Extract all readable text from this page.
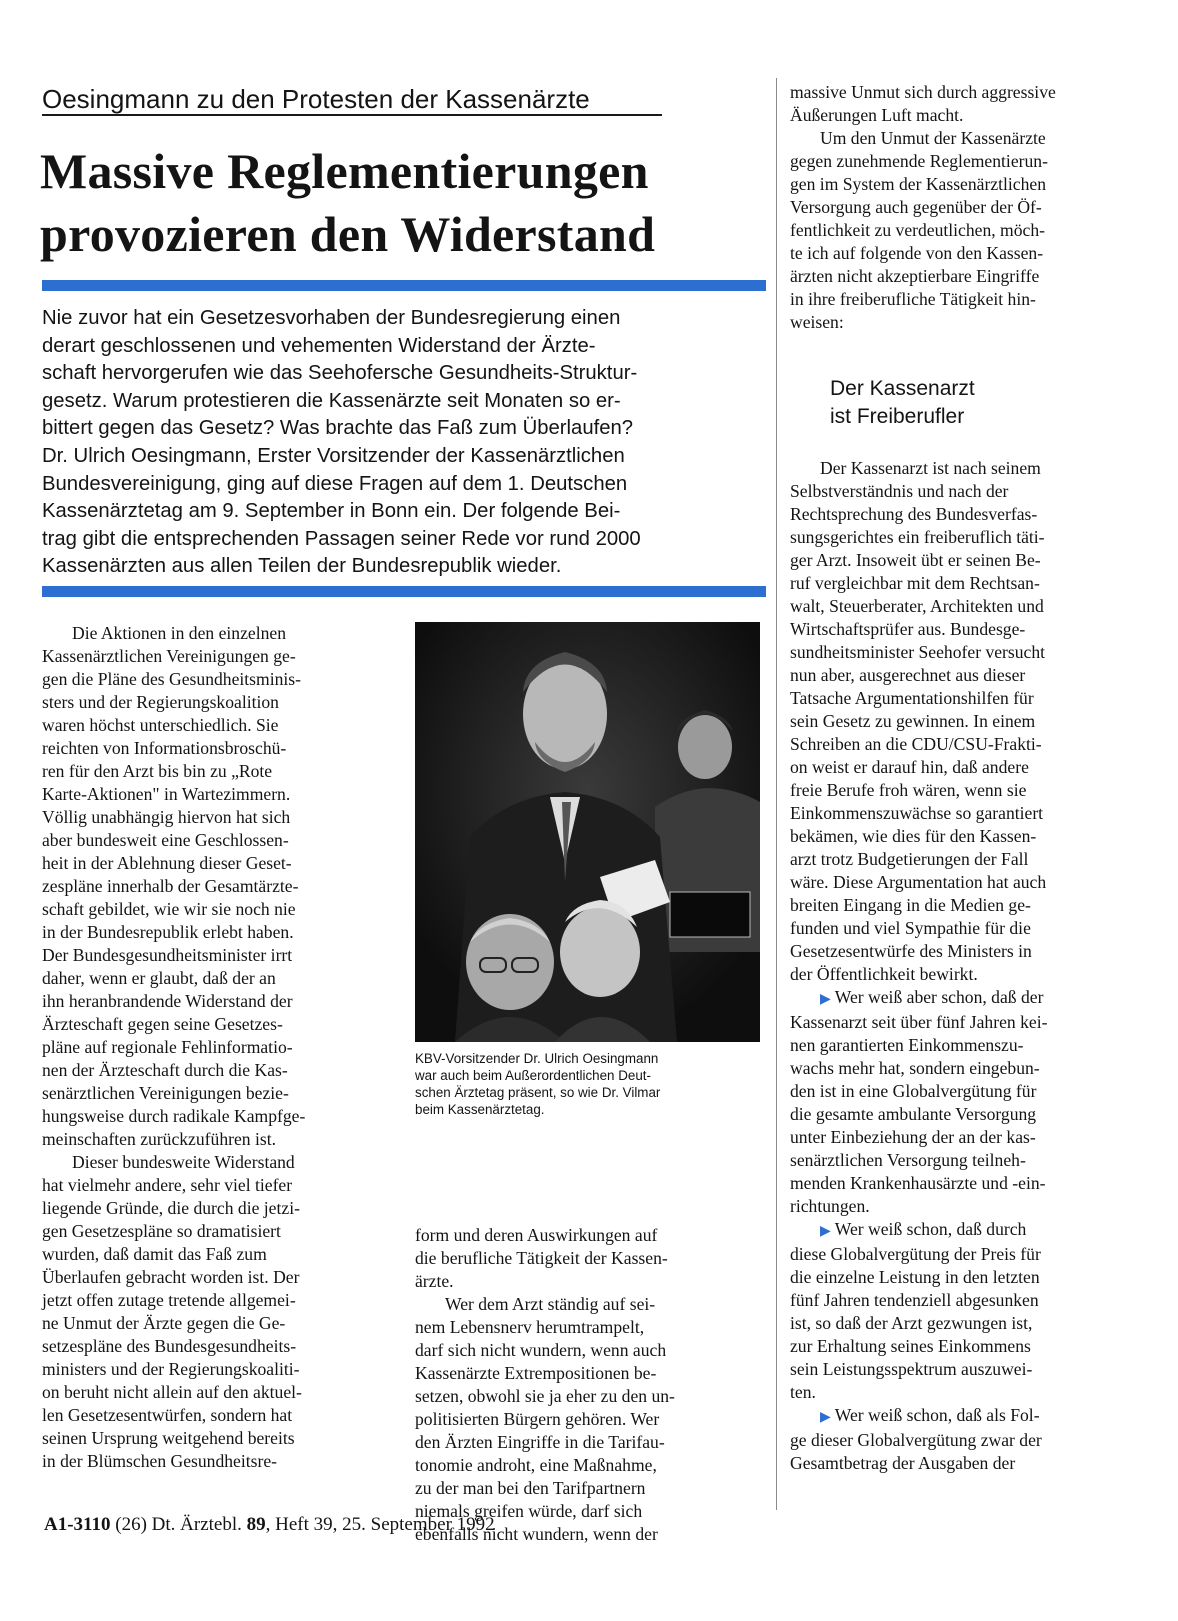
Oesingmann zu den Protesten der Kassenärzte
Massive Reglementierungen
provozieren den Widerstand
Nie zuvor hat ein Gesetzesvorhaben der Bundesregierung einen
derart geschlossenen und vehementen Widerstand der Ärzte-
schaft hervorgerufen wie das Seehofersche Gesundheits-Struktur-
gesetz. Warum protestieren die Kassenärzte seit Monaten so er-
bittert gegen das Gesetz? Was brachte das Faß zum Überlaufen?
Dr. Ulrich Oesingmann, Erster Vorsitzender der Kassenärztlichen
Bundesvereinigung, ging auf diese Fragen auf dem 1. Deutschen
Kassenärztetag am 9. September in Bonn ein. Der folgende Bei-
trag gibt die entsprechenden Passagen seiner Rede vor rund 2000
Kassenärzten aus allen Teilen der Bundesrepublik wieder.
Die Aktionen in den einzelnen
Kassenärztlichen Vereinigungen ge-
gen die Pläne des Gesundheitsminis-
sters und der Regierungskoalition
waren höchst unterschiedlich. Sie
reichten von Informationsbroschü-
ren für den Arzt bis bin zu „Rote
Karte-Aktionen" in Wartezimmern.
Völlig unabhängig hiervon hat sich
aber bundesweit eine Geschlossen-
heit in der Ablehnung dieser Geset-
zespläne innerhalb der Gesamtärzte-
schaft gebildet, wie wir sie noch nie
in der Bundesrepublik erlebt haben.
Der Bundesgesundheitsminister irrt
daher, wenn er glaubt, daß der an
ihn heranbrandende Widerstand der
Ärzteschaft gegen seine Gesetzes-
pläne auf regionale Fehlinformatio-
nen der Ärzteschaft durch die Kas-
senärztlichen Vereinigungen bezie-
hungsweise durch radikale Kampfge-
meinschaften zurückzuführen ist.
Dieser bundesweite Widerstand
hat vielmehr andere, sehr viel tiefer
liegende Gründe, die durch die jetzi-
gen Gesetzespläne so dramatisiert
wurden, daß damit das Faß zum
Überlaufen gebracht worden ist. Der
jetzt offen zutage tretende allgemei-
ne Unmut der Ärzte gegen die Ge-
setzespläne des Bundesgesundheits-
ministers und der Regierungskoaliti-
on beruht nicht allein auf den aktuel-
len Gesetzesentwürfen, sondern hat
seinen Ursprung weitgehend bereits
in der Blümschen Gesundheitsre-
KBV-Vorsitzender Dr. Ulrich Oesingmann
war auch beim Außerordentlichen Deut-
schen Ärztetag präsent, so wie Dr. Vilmar
beim Kassenärztetag.
form und deren Auswirkungen auf
die berufliche Tätigkeit der Kassen-
ärzte.
Wer dem Arzt ständig auf sei-
nem Lebensnerv herumtrampelt,
darf sich nicht wundern, wenn auch
Kassenärzte Extrempositionen be-
setzen, obwohl sie ja eher zu den un-
politisierten Bürgern gehören. Wer
den Ärzten Eingriffe in die Tarifau-
tonomie androht, eine Maßnahme,
zu der man bei den Tarifpartnern
niemals greifen würde, darf sich
ebenfalls nicht wundern, wenn der
massive Unmut sich durch aggressive
Äußerungen Luft macht.
Um den Unmut der Kassenärzte
gegen zunehmende Reglementierun-
gen im System der Kassenärztlichen
Versorgung auch gegenüber der Öf-
fentlichkeit zu verdeutlichen, möch-
te ich auf folgende von den Kassen-
ärzten nicht akzeptierbare Eingriffe
in ihre freiberufliche Tätigkeit hin-
weisen:
Der Kassenarzt
ist Freiberufler
Der Kassenarzt ist nach seinem
Selbstverständnis und nach der
Rechtsprechung des Bundesverfas-
sungsgerichtes ein freiberuflich täti-
ger Arzt. Insoweit übt er seinen Be-
ruf vergleichbar mit dem Rechtsan-
walt, Steuerberater, Architekten und
Wirtschaftsprüfer aus. Bundesge-
sundheitsminister Seehofer versucht
nun aber, ausgerechnet aus dieser
Tatsache Argumentationshilfen für
sein Gesetz zu gewinnen. In einem
Schreiben an die CDU/CSU-Frakti-
on weist er darauf hin, daß andere
freie Berufe froh wären, wenn sie
Einkommenszuwächse so garantiert
bekämen, wie dies für den Kassen-
arzt trotz Budgetierungen der Fall
wäre. Diese Argumentation hat auch
breiten Eingang in die Medien ge-
funden und viel Sympathie für die
Gesetzesentwürfe des Ministers in
der Öffentlichkeit bewirkt.
▶ Wer weiß aber schon, daß der
Kassenarzt seit über fünf Jahren kei-
nen garantierten Einkommenszu-
wachs mehr hat, sondern eingebun-
den ist in eine Globalvergütung für
die gesamte ambulante Versorgung
unter Einbeziehung der an der kas-
senärztlichen Versorgung teilneh-
menden Krankenhausärzte und -ein-
richtungen.
▶ Wer weiß schon, daß durch
diese Globalvergütung der Preis für
die einzelne Leistung in den letzten
fünf Jahren tendenziell abgesunken
ist, so daß der Arzt gezwungen ist,
zur Erhaltung seines Einkommens
sein Leistungsspektrum auszuwei-
ten.
▶ Wer weiß schon, daß als Fol-
ge dieser Globalvergütung zwar der
Gesamtbetrag der Ausgaben der
A1-3110 (26) Dt. Ärztebl. 89, Heft 39, 25. September 1992
